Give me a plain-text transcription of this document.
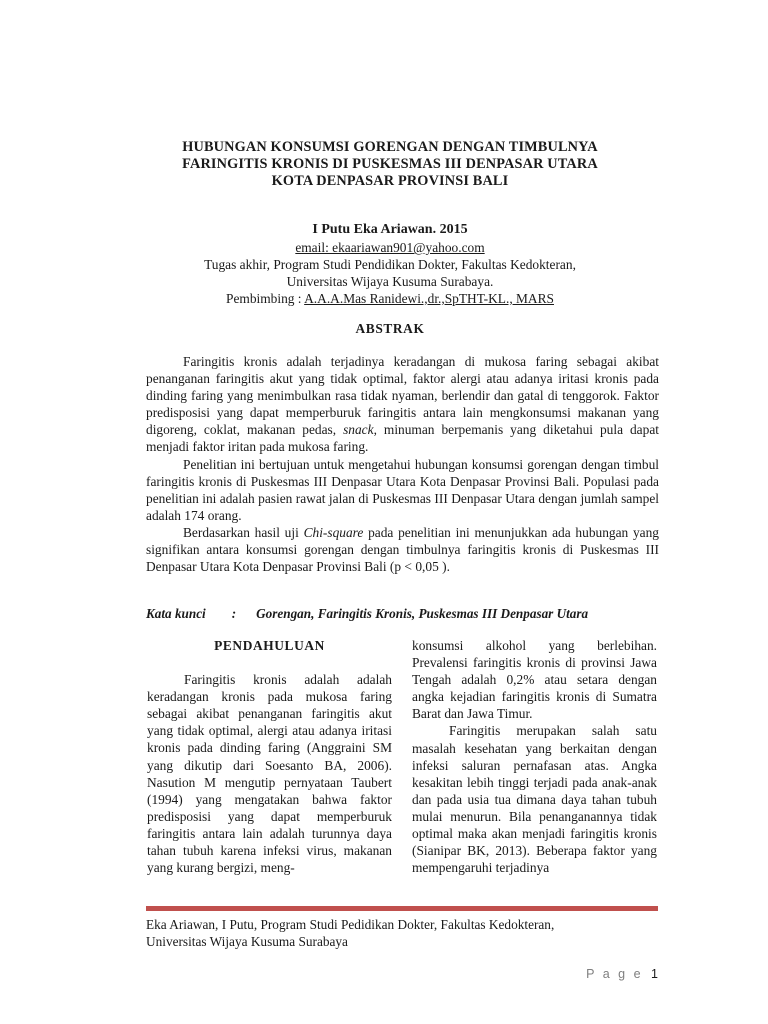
HUBUNGAN KONSUMSI GORENGAN DENGAN TIMBULNYA
FARINGITIS KRONIS DI PUSKESMAS III DENPASAR UTARA
KOTA DENPASAR PROVINSI BALI
I Putu Eka Ariawan. 2015
email: ekaariawan901@yahoo.com
Tugas akhir, Program Studi Pendidikan Dokter, Fakultas Kedokteran,
Universitas Wijaya Kusuma Surabaya.
Pembimbing : A.A.A.Mas Ranidewi.,dr.,SpTHT-KL., MARS
ABSTRAK

Faringitis kronis adalah terjadinya keradangan di mukosa faring sebagai akibat penanganan faringitis akut yang tidak optimal, faktor alergi atau adanya iritasi kronis pada dinding faring yang menimbulkan rasa tidak nyaman, berlendir dan gatal di tenggorok. Faktor predisposisi yang dapat memperburuk faringitis antara lain mengkonsumsi makanan yang digoreng, coklat, makanan pedas, snack, minuman berpemanis yang diketahui pula dapat menjadi faktor iritan pada mukosa faring.

Penelitian ini bertujuan untuk mengetahui hubungan konsumsi gorengan dengan timbul faringitis kronis di Puskesmas III Denpasar Utara Kota Denpasar Provinsi Bali. Populasi pada penelitian ini adalah pasien rawat jalan di Puskesmas III Denpasar Utara dengan jumlah sampel adalah 174 orang.

Berdasarkan hasil uji Chi-square pada penelitian ini menunjukkan ada hubungan yang signifikan antara konsumsi gorengan dengan timbulnya faringitis kronis di Puskesmas III Denpasar Utara Kota Denpasar Provinsi Bali (p < 0,05 ).

Kata kunci : Gorengan, Faringitis Kronis, Puskesmas III Denpasar Utara

PENDAHULUAN

Faringitis kronis adalah adalah keradangan kronis pada mukosa faring sebagai akibat penanganan faringitis akut yang tidak optimal, alergi atau adanya iritasi kronis pada dinding faring (Anggraini SM yang dikutip dari Soesanto BA, 2006). Nasution M mengutip pernyataan Taubert (1994) yang mengatakan bahwa faktor predisposisi yang dapat memperburuk faringitis antara lain adalah turunnya daya tahan tubuh karena infeksi virus, makanan yang kurang bergizi, meng-

konsumsi alkohol yang berlebihan. Prevalensi faringitis kronis di provinsi Jawa Tengah adalah 0,2% atau setara dengan angka kejadian faringitis kronis di Sumatra Barat dan Jawa Timur.

Faringitis merupakan salah satu masalah kesehatan yang berkaitan dengan infeksi saluran pernafasan atas. Angka kesakitan lebih tinggi terjadi pada anak-anak dan pada usia tua dimana daya tahan tubuh mulai menurun. Bila penanganannya tidak optimal maka akan menjadi faringitis kronis (Sianipar BK, 2013). Beberapa faktor yang mempengaruhi terjadinya

Eka Ariawan, I Putu, Program Studi Pedidikan Dokter, Fakultas Kedokteran,
Universitas Wijaya Kusuma Surabaya
P a g e 1
